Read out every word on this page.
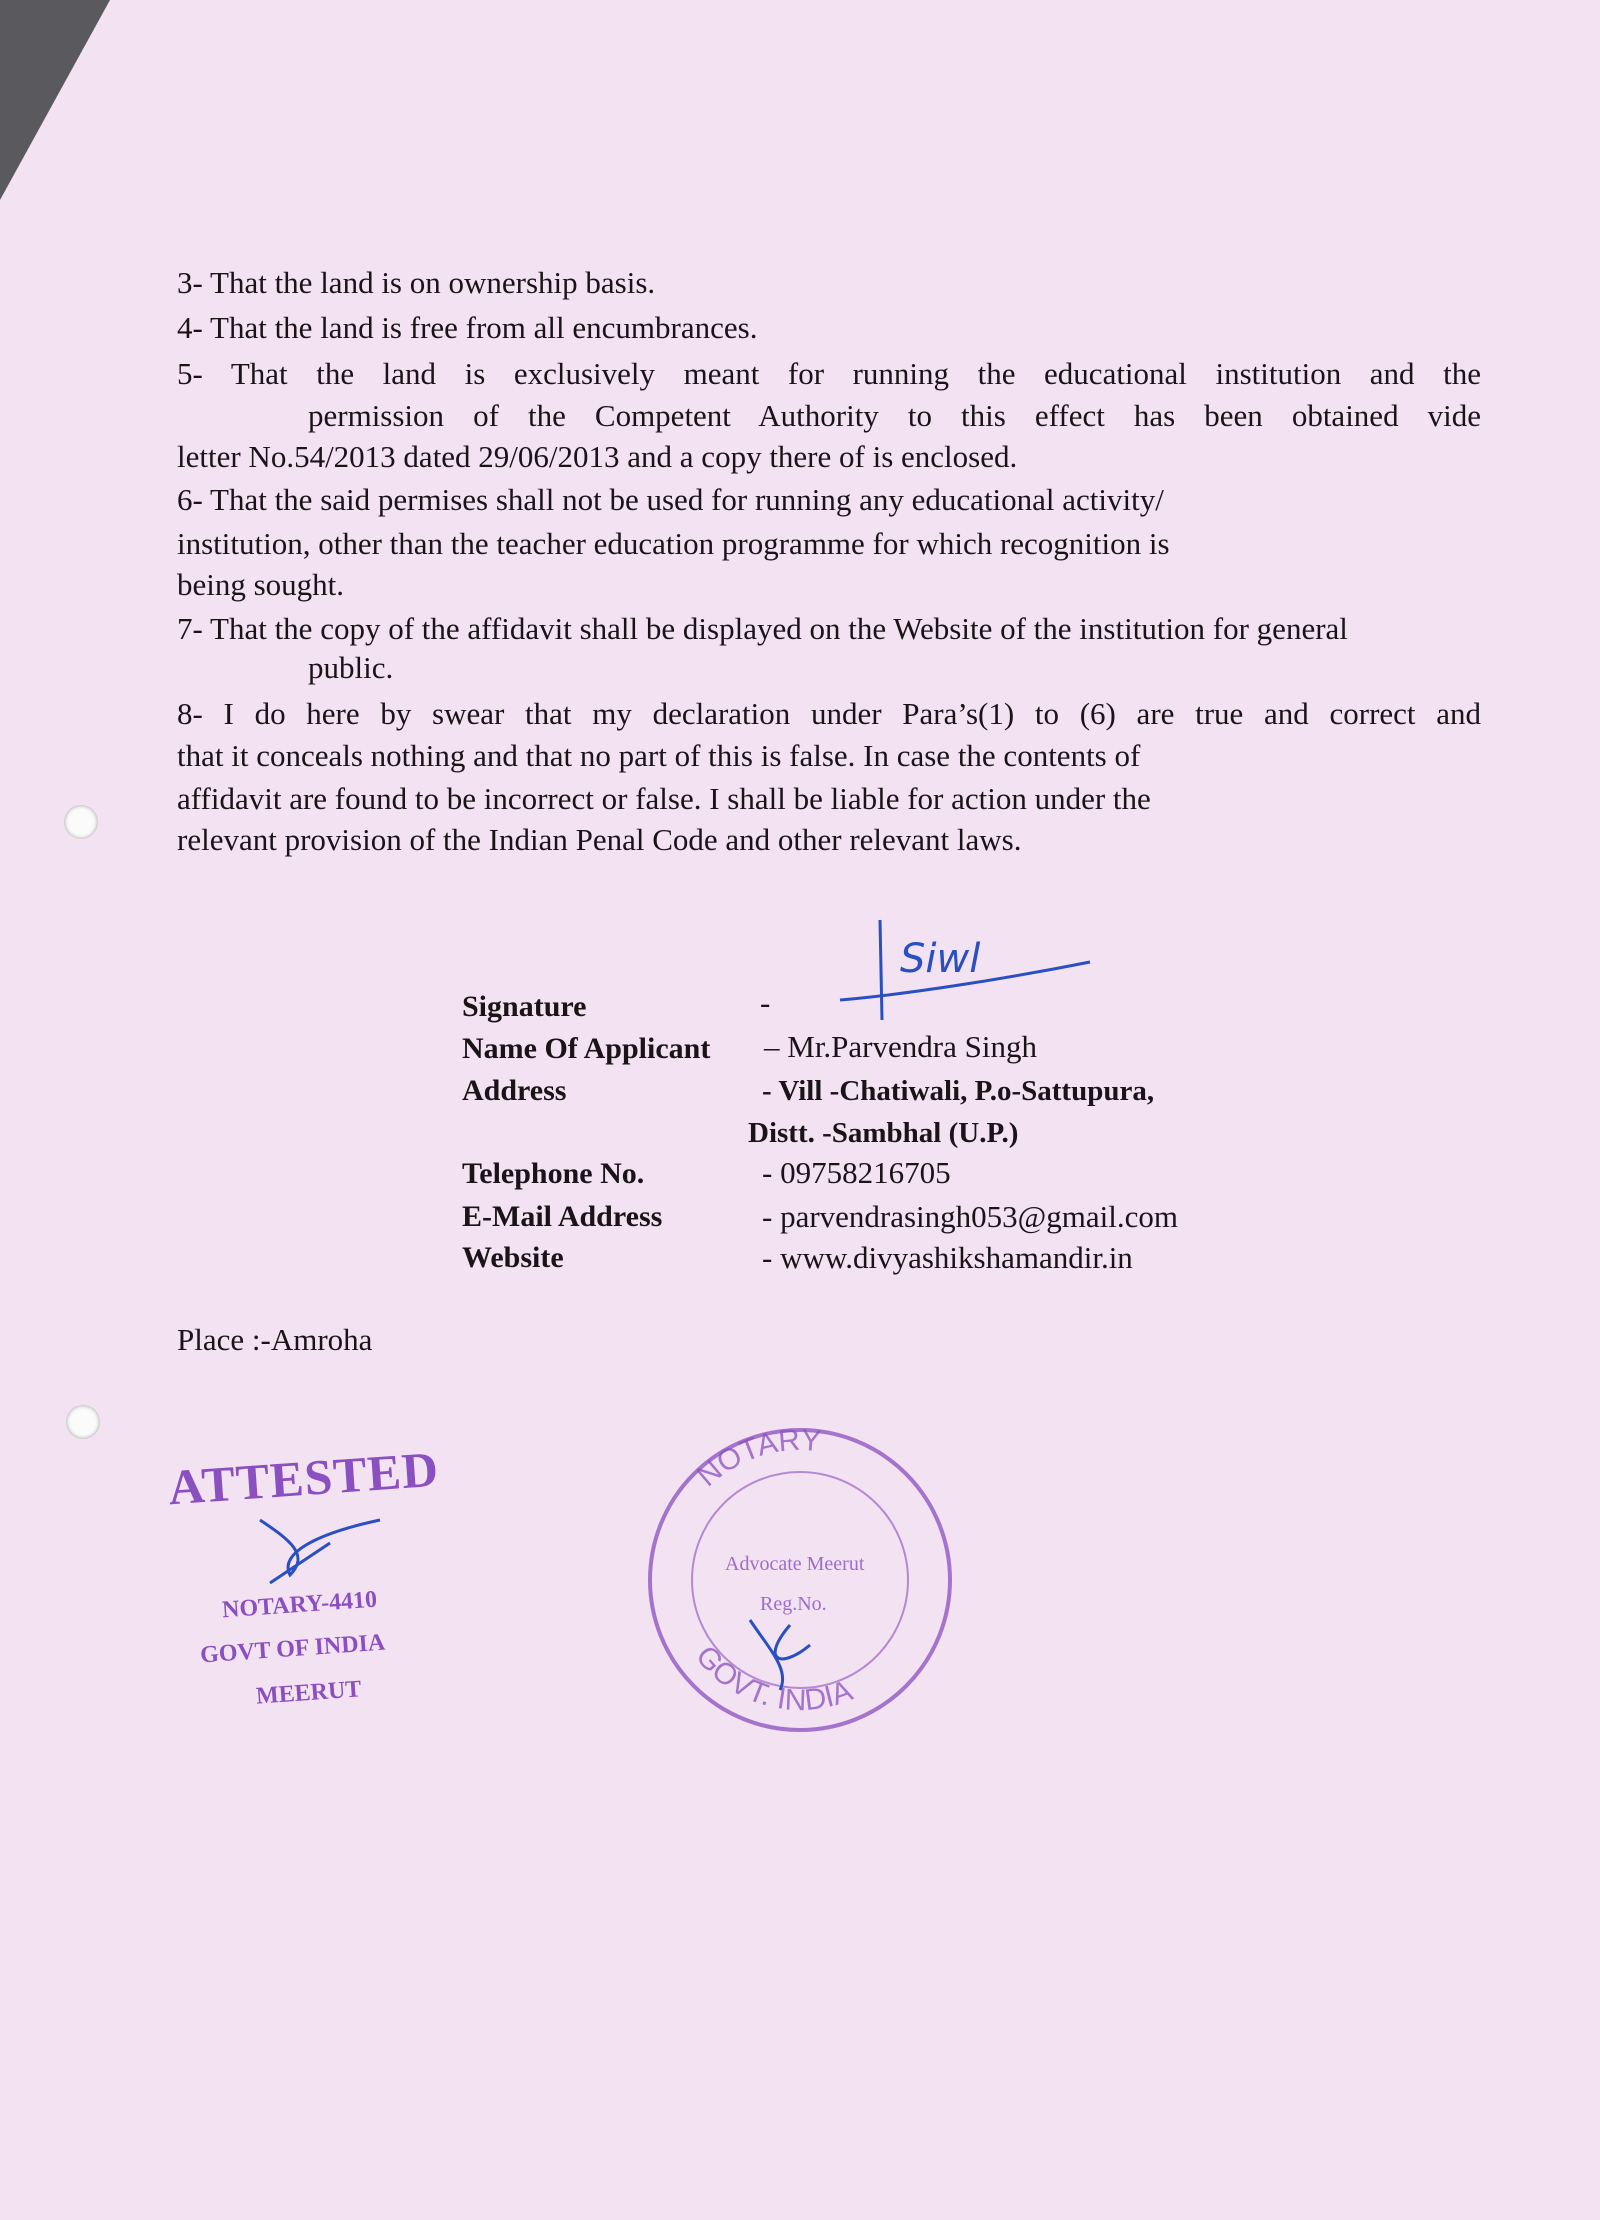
NOTARY
GOVT. INDIA
Advocate Meerut
Reg.No.
3- That the land is on ownership basis.
4- That the land is free from all encumbrances.
5- That the land is exclusively meant for running the educational institution and the
permission of the Competent Authority to this effect has been obtained vide
letter No.54/2013 dated 29/06/2013 and a copy there of is enclosed.
6- That the said permises shall not be used for running any educational activity/
institution, other than the teacher education programme for which recognition is
being sought.
7- That the copy of the affidavit shall be displayed on the Website of the institution for general
public.
8- I do here by swear that my declaration under Para’s(1) to (6) are true and correct and
that it conceals nothing and that no part of this is false. In case the contents of
affidavit are found to be incorrect or false. I shall be liable for action under the
relevant provision of the Indian Penal Code and other relevant laws.
Signature	-
Siwl
Name Of Applicant – Mr.Parvendra Singh
Address	- Vill -Chatiwali, P.o-Sattupura,
Distt. -Sambhal (U.P.)
Telephone No.	- 09758216705
E-Mail Address	- parvendrasingh053@gmail.com
Website	- www.divyashikshamandir.in
Place :-Amroha
ATTESTED
NOTARY-4410
GOVT OF INDIA
MEERUT
